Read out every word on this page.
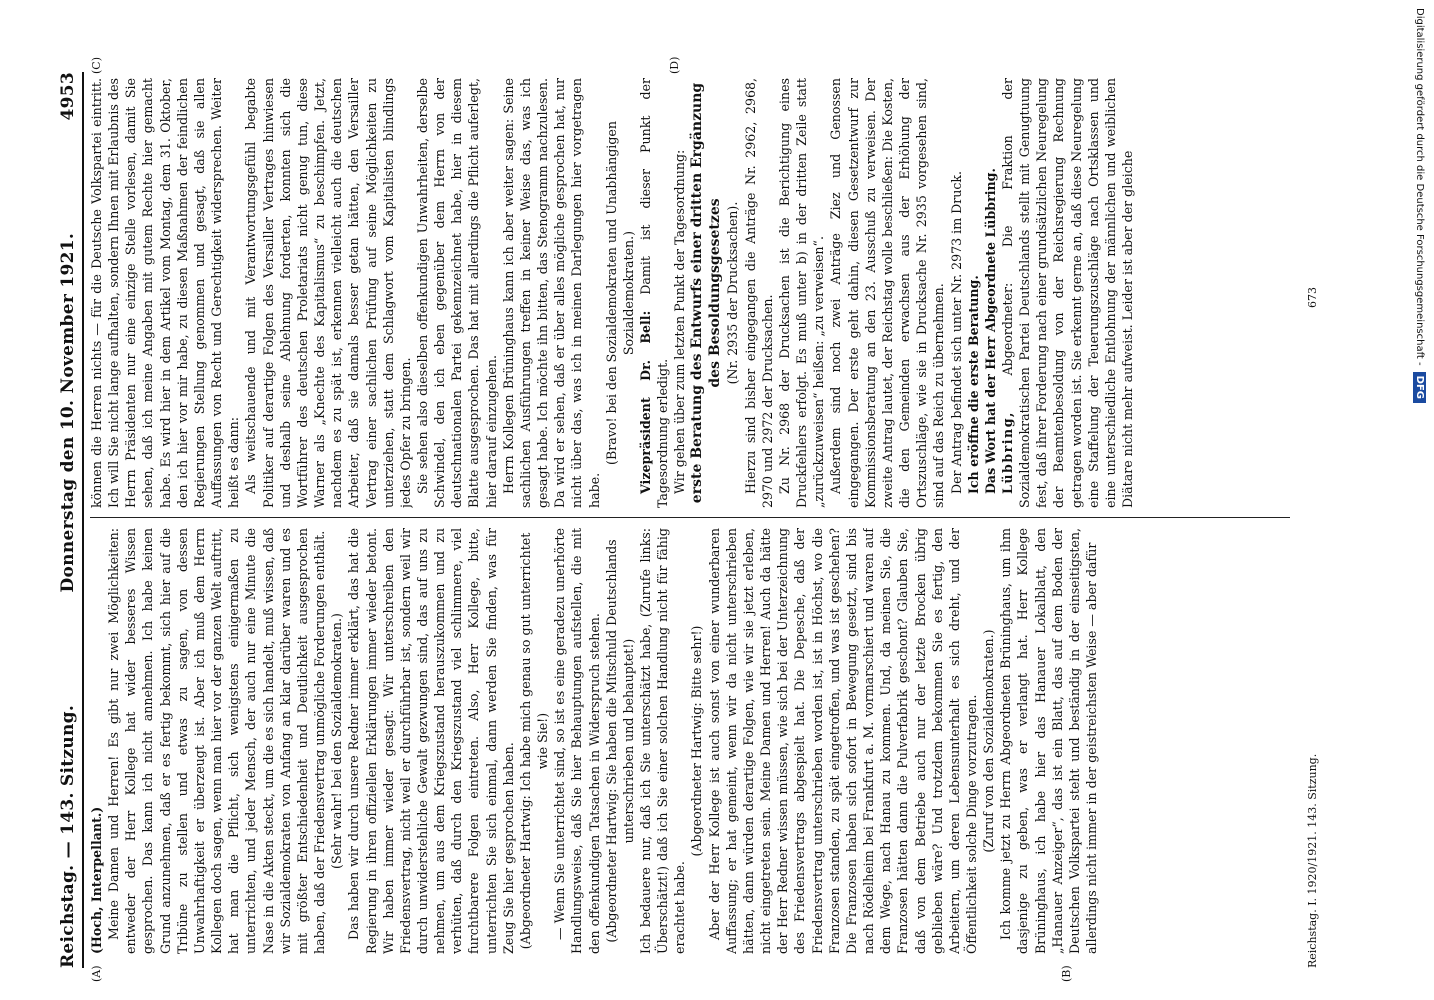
Reichstag. — 143. Sitzung.
Donnerstag den 10. November 1921.
4953
(A)	(B)
(C)	(D)

(Hoch, Interpellant.) Meine Damen und Herren! Es gibt nur zwei Möglichkeiten: entweder der Herr Kollege hat wider besseres Wissen gesprochen. Das kann ich nicht annehmen. Ich habe keinen Grund anzunehmen, daß er es fertig bekommt, sich hier auf die Tribüne zu stellen und etwas zu sagen, von dessen Unwahrhaftigkeit er überzeugt ist. Aber ich muß dem Herrn Kollegen doch sagen, wenn man hier vor der ganzen Welt auftritt, hat man die Pflicht, sich wenigstens einigermaßen zu unterrichten, und jeder Mensch, der auch nur eine Minute die Nase in die Akten steckt, um die es sich handelt, muß wissen, daß wir Sozialdemokraten von Anfang an klar darüber waren und es mit größter Entschiedenheit und Deutlichkeit ausgesprochen haben, daß der Friedensvertrag unmögliche Forderungen enthält. (Sehr wahr! bei den Sozialdemokraten.) Das haben wir durch unsere Redner immer erklärt, das hat die Regierung in ihren offiziellen Erklärungen immer wieder betont. Wir haben immer wieder gesagt: Wir unterschreiben den Friedensvertrag, nicht weil er durchführbar ist, sondern weil wir durch unwiderstehliche Gewalt gezwungen sind, das auf uns zu nehmen, um aus dem Kriegszustand herauszukommen und zu verhüten, daß durch den Kriegszustand viel schlimmere, viel furchtbarere Folgen eintreten. Also, Herr Kollege, bitte, unterrichten Sie sich einmal, dann werden Sie finden, was für Zeug Sie hier gesprochen haben. (Abgeordneter Hartwig: Ich habe mich genau so gut unterrichtet wie Sie!) — Wenn Sie unterrichtet sind, so ist es eine geradezu unerhörte Handlungsweise, daß Sie hier Behauptungen aufstellen, die mit den offenkundigen Tatsachen in Widerspruch stehen. (Abgeordneter Hartwig: Sie haben die Mitschuld Deutschlands unterschrieben und behauptet!) Ich bedauere nur, daß ich Sie unterschätzt habe, (Zurufe links: Überschätzt!) daß ich Sie einer solchen Handlung nicht für fähig erachtet habe.

(Abgeordneter Hartwig: Bitte sehr!) Aber der Herr Kollege ist auch sonst von einer wunderbaren Auffassung; er hat gemeint, wenn wir da nicht unterschrieben hätten, dann würden derartige Folgen, wie wir sie jetzt erleben, nicht eingetreten sein. Meine Damen und Herren! Auch da hätte der Herr Redner wissen müssen, wie sich bei der Unterzeichnung des Friedensvertrags abgespielt hat. Die Depesche, daß der Friedensvertrag unterschrieben worden ist, ist in Höchst, wo die Franzosen standen, zu spät eingetroffen, und was ist geschehen? Die Franzosen haben sich sofort in Bewegung gesetzt, sind bis nach Rödelheim bei Frankfurt a. M. vormarschiert und waren auf dem Wege, nach Hanau zu kommen. Und, da meinen Sie, die Franzosen hätten dann die Pulverfabrik geschont? Glauben Sie, daß von dem Betriebe auch nur der letzte Brocken übrig geblieben wäre? Und trotzdem bekommen Sie es fertig, den Arbeitern, um deren Lebensunterhalt es sich dreht, und der Öffentlichkeit solche Dinge vorzutragen. (Zuruf von den Sozialdemokraten.) Ich komme jetzt zu Herrn Abgeordneten Brüninghaus, um ihm dasjenige zu geben, was er verlangt hat. Herr Kollege Brüninghaus, ich habe hier das Hanauer Lokalblatt, den „Hanauer Anzeiger“, das ist ein Blatt, das auf dem Boden der Deutschen Volkspartei steht und beständig in der einseitigsten, allerdings nicht immer in der geistreichsten Weise — aber dafür

können die Herren nichts — für die Deutsche Volkspartei eintritt. Ich will Sie nicht lange aufhalten, sondern Ihnen mit Erlaubnis des Herrn Präsidenten nur eine einzige Stelle vorlesen, damit Sie sehen, daß ich meine Angaben mit gutem Rechte hier gemacht habe. Es wird hier in dem Artikel vom Montag, dem 31. Oktober, den ich hier vor mir habe, zu diesen Maßnahmen der feindlichen Regierungen Stellung genommen und gesagt, daß sie allen Auffassungen von Recht und Gerechtigkeit widersprechen. Weiter heißt es dann: Als weitschauende und mit Verantwortungsgefühl begabte Politiker auf derartige Folgen des Versailler Vertrages hinwiesen und deshalb seine Ablehnung forderten, konnten sich die Wortführer des deutschen Proletariats nicht genug tun, diese Warner als „Knechte des Kapitalismus“ zu beschimpfen. Jetzt, nachdem es zu spät ist, erkennen vielleicht auch die deutschen Arbeiter, daß sie damals besser getan hätten, den Versailler Vertrag einer sachlichen Prüfung auf seine Möglichkeiten zu unterziehen, statt dem Schlagwort vom Kapitalisten blindlings jedes Opfer zu bringen. Sie sehen also dieselben offenkundigen Unwahrheiten, derselbe Schwindel, den ich eben gegenüber dem Herrn von der deutschnationalen Partei gekennzeichnet habe, hier in diesem Blatte ausgesprochen. Das hat mit allerdings die Pflicht auferlegt, hier darauf einzugehen. Herrn Kollegen Brüninghaus kann ich aber weiter sagen: Seine sachlichen Ausführungen treffen in keiner Weise das, was ich gesagt habe. Ich möchte ihn bitten, das Stenogramm nachzulesen. Da wird er sehen, daß er über alles mögliche gesprochen hat, nur nicht über das, was ich in meinen Darlegungen hier vorgetragen habe.

(Bravo! bei den Sozialdemokraten und Unabhängigen Sozialdemokraten.)

Vizepräsident Dr. Bell: Damit ist dieser Punkt der Tagesordnung erledigt. Wir gehen über zum letzten Punkt der Tagesordnung: erste Beratung des Entwurfs einer dritten Ergänzung des Besoldungsgesetzes (Nr. 2935 der Drucksachen). Hierzu sind bisher eingegangen die Anträge Nr. 2962, 2968, 2970 und 2972 der Drucksachen. Zu Nr. 2968 der Drucksachen ist die Berichtigung eines Druckfehlers erfolgt. Es muß unter b) in der dritten Zeile statt „zurückzuweisen“ heißen: „zu verweisen“. Außerdem sind noch zwei Anträge Ziez und Genossen eingegangen. Der erste geht dahin, diesen Gesetzentwurf zur Kommissionsberatung an den 23. Ausschuß zu verweisen. Der zweite Antrag lautet, der Reichstag wolle beschließen: Die Kosten, die den Gemeinden erwachsen aus der Erhöhung der Ortszuschläge, wie sie in Drucksache Nr. 2935 vorgesehen sind, sind auf das Reich zu übernehmen. Der Antrag befindet sich unter Nr. 2973 im Druck. Ich eröffne die erste Beratung. Das Wort hat der Herr Abgeordnete Lübbring. Lübbring, Abgeordneter: Die Fraktion der Sozialdemokratischen Partei Deutschlands stellt mit Genugtuung fest, daß ihrer Forderung nach einer grundsätzlichen Neuregelung der Beamtenbesoldung von der Reichsregierung Rechnung getragen worden ist. Sie erkennt gerne an, daß diese Neuregelung eine Staffelung der Teuerungszuschläge nach Ortsklassen und eine unterschiedliche Entlohnung der männlichen und weiblichen Diätare nicht mehr aufweist. Leider ist aber der gleiche

Reichstag. I. 1920/1921. 143. Sitzung.
673	Digitalisierung gefördert durch die Deutsche Forschungsgemeinschaft -
DFG
